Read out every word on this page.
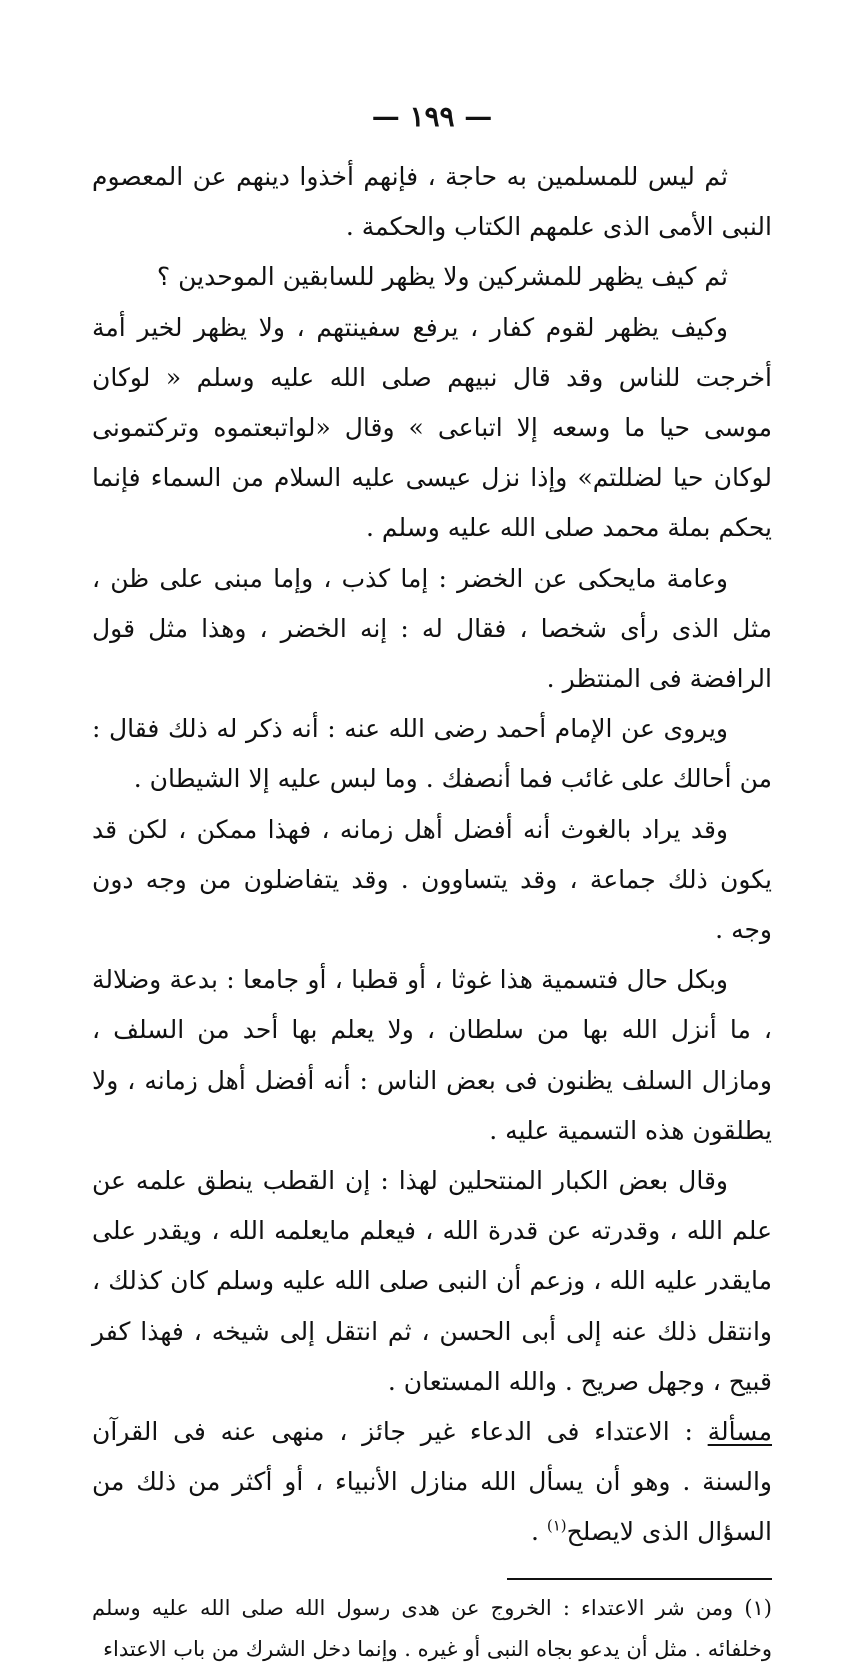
— ١٩٩ —

ثم ليس للمسلمين به حاجة ، فإنهم أخذوا دينهم عن المعصوم النبى الأمى الذى علمهم الكتاب والحكمة .

ثم كيف يظهر للمشركين ولا يظهر للسابقين الموحدين ؟

وكيف يظهر لقوم كفار ، يرفع سفينتهم ، ولا يظهر لخير أمة أخرجت للناس وقد قال نبيهم صلى الله عليه وسلم « لوكان موسى حيا ما وسعه إلا اتباعى » وقال «لواتبعتموه وتركتمونى لوكان حيا لضللتم» وإذا نزل عيسى عليه السلام من السماء فإنما يحكم بملة محمد صلى الله عليه وسلم .

وعامة مايحكى عن الخضر : إما كذب ، وإما مبنى على ظن ، مثل الذى رأى شخصا ، فقال له : إنه الخضر ، وهذا مثل قول الرافضة فى المنتظر .

ويروى عن الإمام أحمد رضى الله عنه : أنه ذكر له ذلك فقال : من أحالك على غائب فما أنصفك . وما لبس عليه إلا الشيطان .

وقد يراد بالغوث أنه أفضل أهل زمانه ، فهذا ممكن ، لكن قد يكون ذلك جماعة ، وقد يتساوون . وقد يتفاضلون من وجه دون وجه .

وبكل حال فتسمية هذا غوثا ، أو قطبا ، أو جامعا : بدعة وضلالة ، ما أنزل الله بها من سلطان ، ولا يعلم بها أحد من السلف ، ومازال السلف يظنون فى بعض الناس : أنه أفضل أهل زمانه ، ولا يطلقون هذه التسمية عليه .

وقال بعض الكبار المنتحلين لهذا : إن القطب ينطق علمه عن علم الله ، وقدرته عن قدرة الله ، فيعلم مايعلمه الله ، ويقدر على مايقدر عليه الله ، وزعم أن النبى صلى الله عليه وسلم كان كذلك ، وانتقل ذلك عنه إلى أبى الحسن ، ثم انتقل إلى شيخه ، فهذا كفر قبيح ، وجهل صريح . والله المستعان .

مسألة : الاعتداء فى الدعاء غير جائز ، منهى عنه فى القرآن والسنة . وهو أن يسأل الله منازل الأنبياء ، أو أكثر من ذلك من السؤال الذى لايصلح$^{(١)}$ .

(١) ومن شر الاعتداء : الخروج عن هدى رسول الله صلى الله عليه وسلم وخلفائه . مثل أن يدعو بجاه النبى أو غيره . وإنما دخل الشرك من باب الاعتداء
